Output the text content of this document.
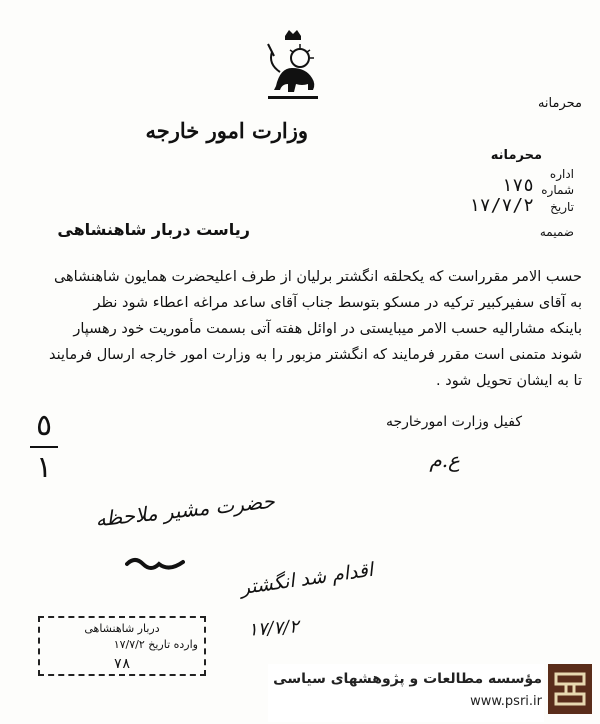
محرمانه
وزارت امور خارجه
محرمانه
اداره
شماره
١٧٥
تاریخ
١٧/٧/٢
ضمیمه
ریاست دربار شاهنشاهی

حسب الامر مقرراست که یکحلقه انگشتر برلیان از طرف اعلیحضرت همایون شاهنشاهی

به آقای سفیرکبیر ترکیه در مسکو بتوسط جناب آقای ساعد مراغه اعطاء شود نظر

باینکه مشارالیه حسب الامر میبایستی در اوائل هفته آتی بسمت مأموریت خود رهسپار

شوند متمنی است مقرر فرمایند که انگشتر مزبور را به وزارت امور خارجه ارسال فرمایند

تا به ایشان تحویل شود .

کفیل وزارت امورخارجه
ع.م
٥
١
حضرت مشیر ملاحظه
اقدام شد انگشتر
١٧/٧/٢
دربار شاهنشاهی
وارده تاریخ ١٧/٧/٢
٧٨
مؤسسه مطالعات و پژوهشهای سیاسی
www.psri.ir
